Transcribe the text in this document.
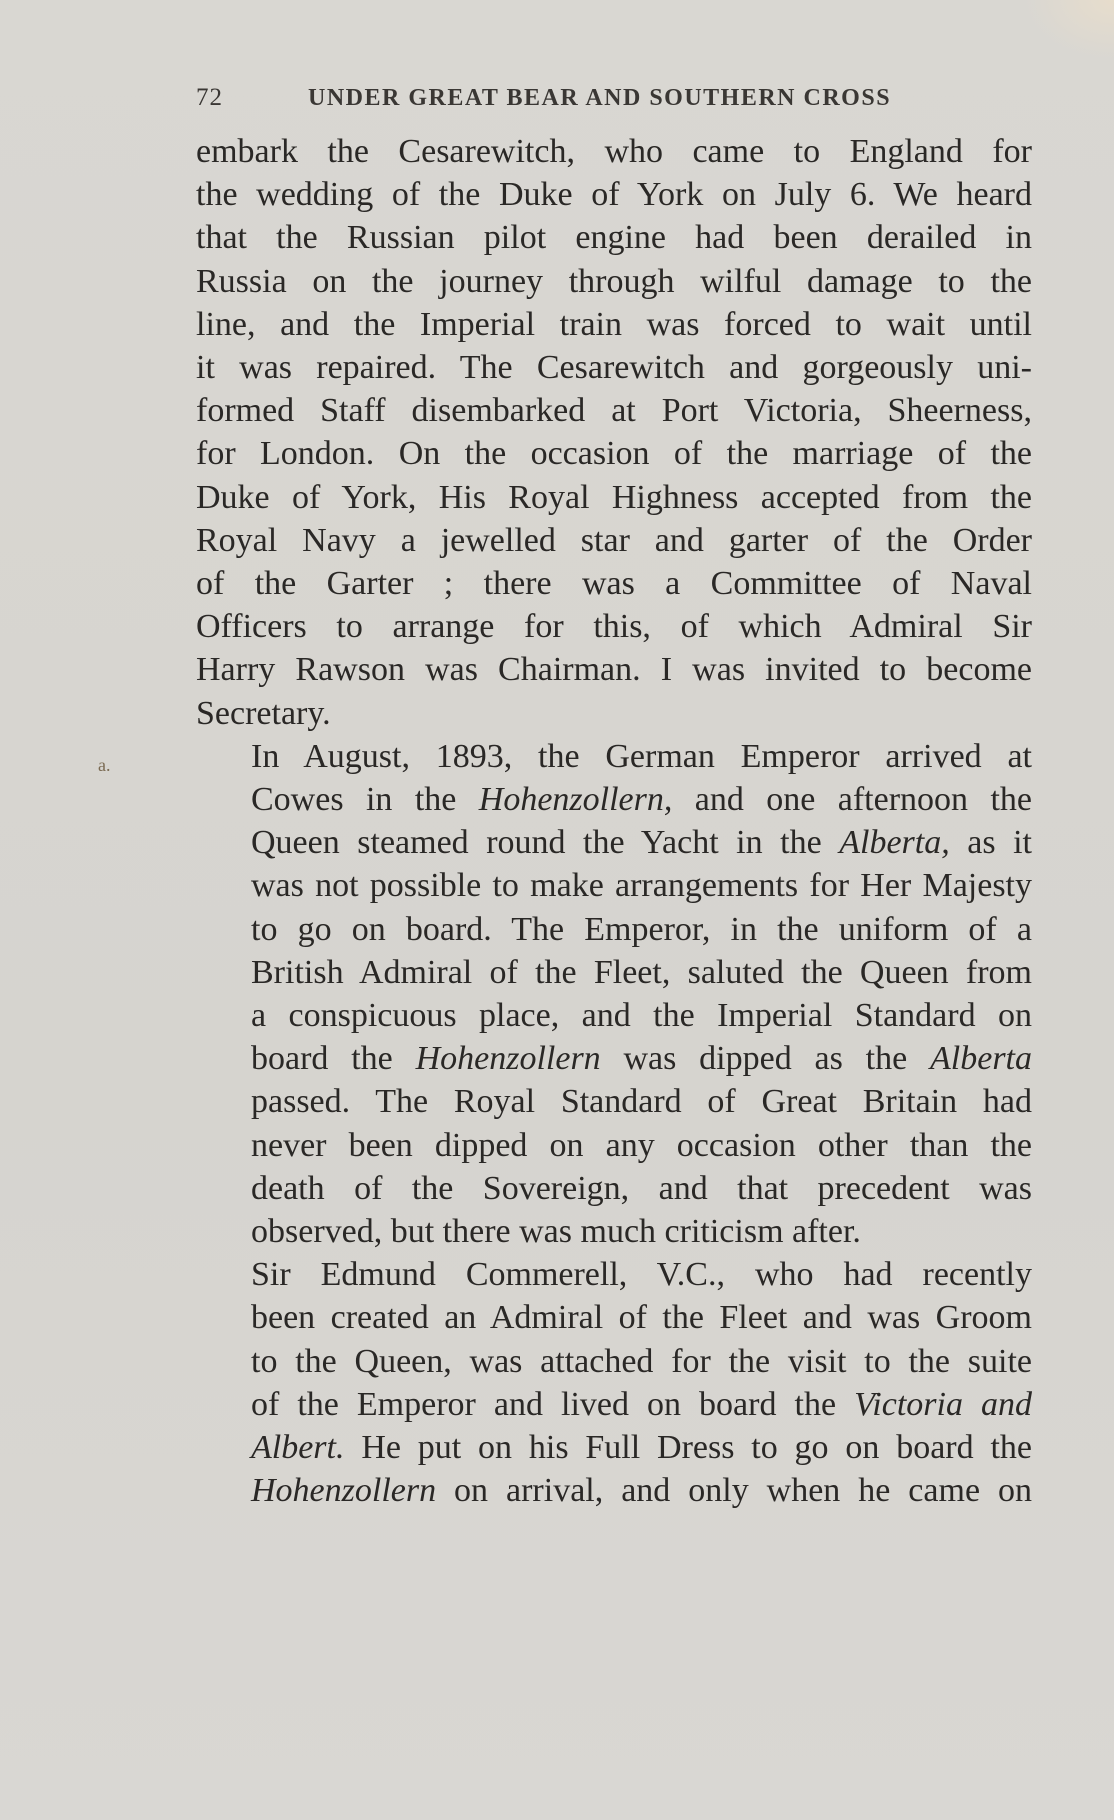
72	UNDER GREAT BEAR AND SOUTHERN CROSS

embark the Cesarewitch, who came to England for
the wedding of the Duke of York on July 6. We heard
that the Russian pilot engine had been derailed in
Russia on the journey through wilful damage to the
line, and the Imperial train was forced to wait until
it was repaired. The Cesarewitch and gorgeously uni-
formed Staff disembarked at Port Victoria, Sheerness,
for London. On the occasion of the marriage of the
Duke of York, His Royal Highness accepted from the
Royal Navy a jewelled star and garter of the Order
of the Garter ; there was a Committee of Naval
Officers to arrange for this, of which Admiral Sir
Harry Rawson was Chairman. I was invited to become
Secretary.

In August, 1893, the German Emperor arrived at
Cowes in the Hohenzollern, and one afternoon the
Queen steamed round the Yacht in the Alberta, as it
was not possible to make arrangements for Her Majesty
to go on board. The Emperor, in the uniform of a
British Admiral of the Fleet, saluted the Queen from
a conspicuous place, and the Imperial Standard on
board the Hohenzollern was dipped as the Alberta
passed. The Royal Standard of Great Britain had
never been dipped on any occasion other than the
death of the Sovereign, and that precedent was
observed, but there was much criticism after.

Sir Edmund Commerell, V.C., who had recently
been created an Admiral of the Fleet and was Groom
to the Queen, was attached for the visit to the suite
of the Emperor and lived on board the Victoria and
Albert. He put on his Full Dress to go on board the
Hohenzollern on arrival, and only when he came on

a.
